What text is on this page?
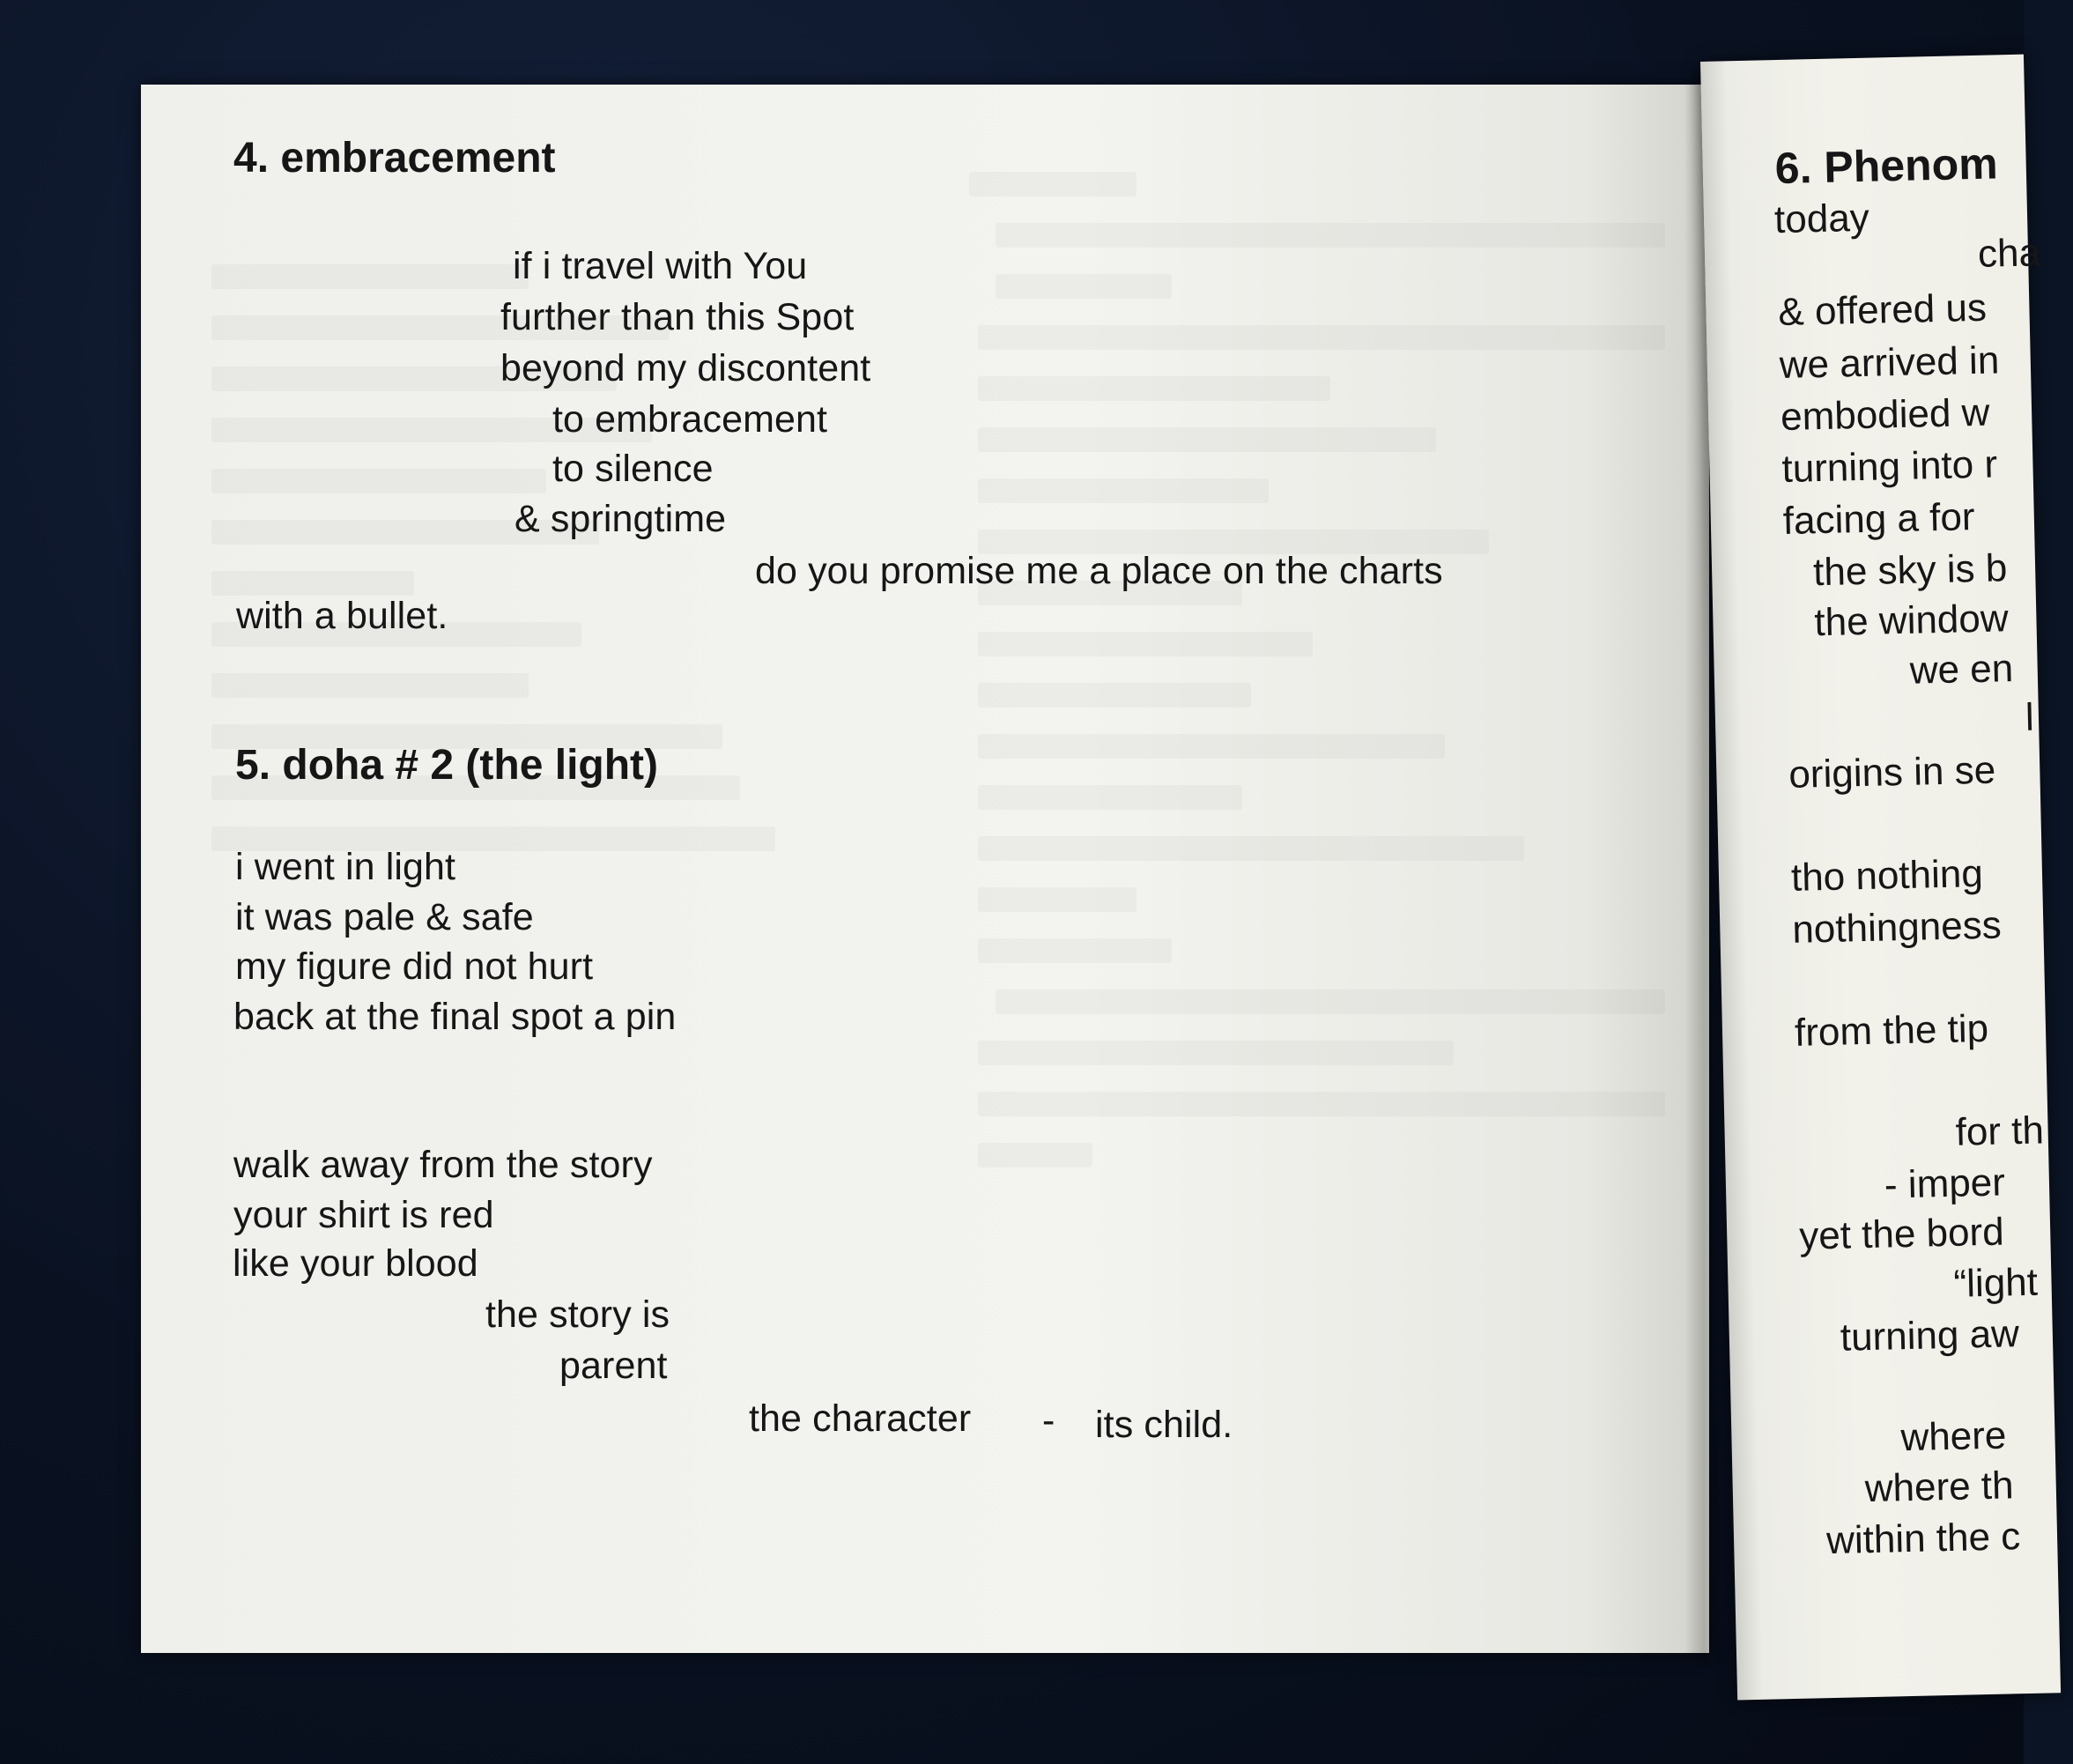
4. embracement
if i travel with You
further than this Spot
beyond my discontent
to embracement
to silence
& springtime
do you promise me a place on the charts
with a bullet.
5. doha # 2 (the light)
i went in light
it was pale & safe
my figure did not hurt
back at the final spot a pin
walk away from the story
your shirt is red
like your blood
the story is
parent
the character - its child.
6. Phenom
today
cha
& offered us
we arrived in
embodied w
turning into r
facing a for
the sky is b
the window
we en
l
origins in se
tho nothing
nothingness
from the tip
for th
- imper
yet the bord
“light
turning aw
where
where th
within the c
